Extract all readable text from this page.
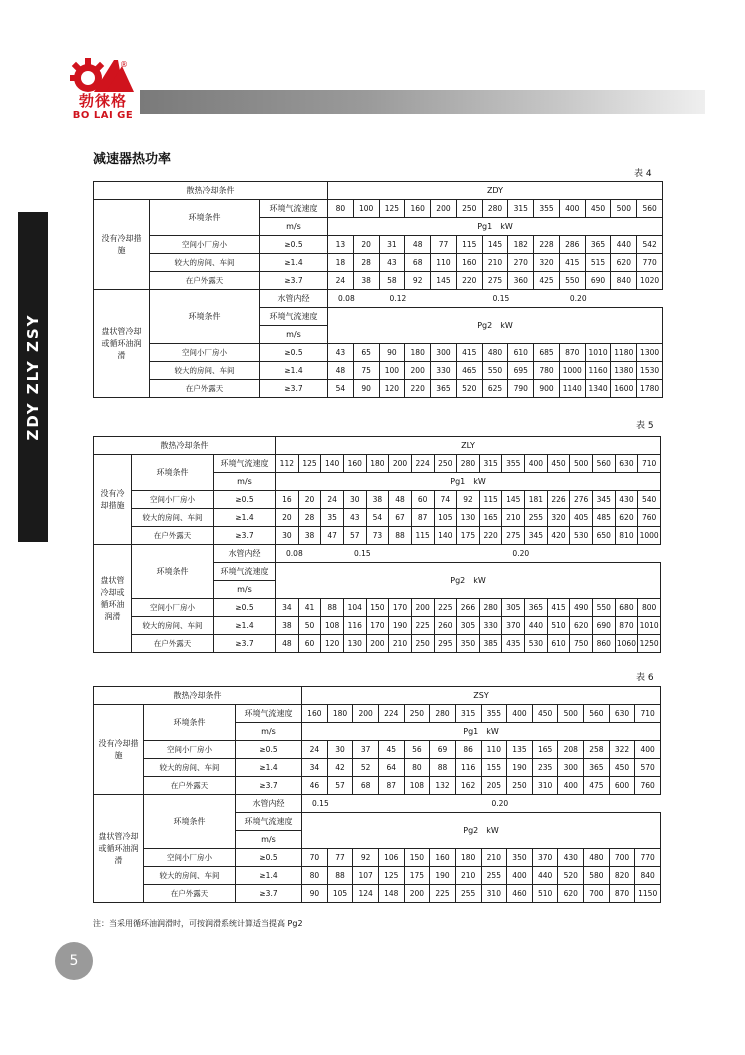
®
勃徕格
BO LAI GE
ZDY ZLY ZSY
减速器热功率
表 4
散热冷却条件			ZDY												
没有冷却措施	环境条件	环境气流速度	80	100	125	160	200	250	280	315	355	400	450	500	560
		m/s	Pg1　kW												
	空间小厂房小	≥0.5	13	20	31	48	77	115	145	182	228	286	365	440	542
	较大的房间、车间	≥1.4	18	28	43	68	110	160	210	270	320	415	515	620	770
	在户外露天	≥3.7	24	38	58	92	145	220	275	360	425	550	690	840	1020
盘状管冷却或循环油润滑	环境条件	水管内经	0.08		0.12				0.15			0.20			
		环境气流速度	Pg2　kW												
		m/s													
	空间小厂房小	≥0.5	43	65	90	180	300	415	480	610	685	870	1010	1180	1300
	较大的房间、车间	≥1.4	48	75	100	200	330	465	550	695	780	1000	1160	1380	1530
	在户外露天	≥3.7	54	90	120	220	365	520	625	790	900	1140	1340	1600	1780
表 5
散热冷却条件			ZLY																
没有冷却措施	环境条件	环境气流速度	112	125	140	160	180	200	224	250	280	315	355	400	450	500	560	630	710
		m/s	Pg1　kW																
	空间小厂房小	≥0.5	16	20	24	30	38	48	60	74	92	115	145	181	226	276	345	430	540
	较大的房间、车间	≥1.4	20	28	35	43	54	67	87	105	130	165	210	255	320	405	485	620	760
	在户外露天	≥3.7	30	38	47	57	73	88	115	140	175	220	275	345	420	530	650	810	1000
盘状管冷却或循环油润滑	环境条件	水管内经	0.08			0.15							0.20						
		环境气流速度	Pg2　kW																
		m/s																	
	空间小厂房小	≥0.5	34	41	88	104	150	170	200	225	266	280	305	365	415	490	550	680	800
	较大的房间、车间	≥1.4	38	50	108	116	170	190	225	260	305	330	370	440	510	620	690	870	1010
	在户外露天	≥3.7	48	60	120	130	200	210	250	295	350	385	435	530	610	750	860	1060	1250
表 6
散热冷却条件			ZSY													
没有冷却措施	环境条件	环境气流速度	160	180	200	224	250	280	315	355	400	450	500	560	630	710
		m/s	Pg1　kW													
	空间小厂房小	≥0.5	24	30	37	45	56	69	86	110	135	165	208	258	322	400
	较大的房间、车间	≥1.4	34	42	52	64	80	88	116	155	190	235	300	365	450	570
	在户外露天	≥3.7	46	57	68	87	108	132	162	205	250	310	400	475	600	760
盘状管冷却或循环油润滑	环境条件	水管内经	0.15							0.20						
		环境气流速度	Pg2　kW													
		m/s														
	空间小厂房小	≥0.5	70	77	92	106	150	160	180	210	350	370	430	480	700	770
	较大的房间、车间	≥1.4	80	88	107	125	175	190	210	255	400	440	520	580	820	840
	在户外露天	≥3.7	90	105	124	148	200	225	255	310	460	510	620	700	870	1150
注：当采用循环油润滑时，可按润滑系统计算适当提高 Pg2
5
